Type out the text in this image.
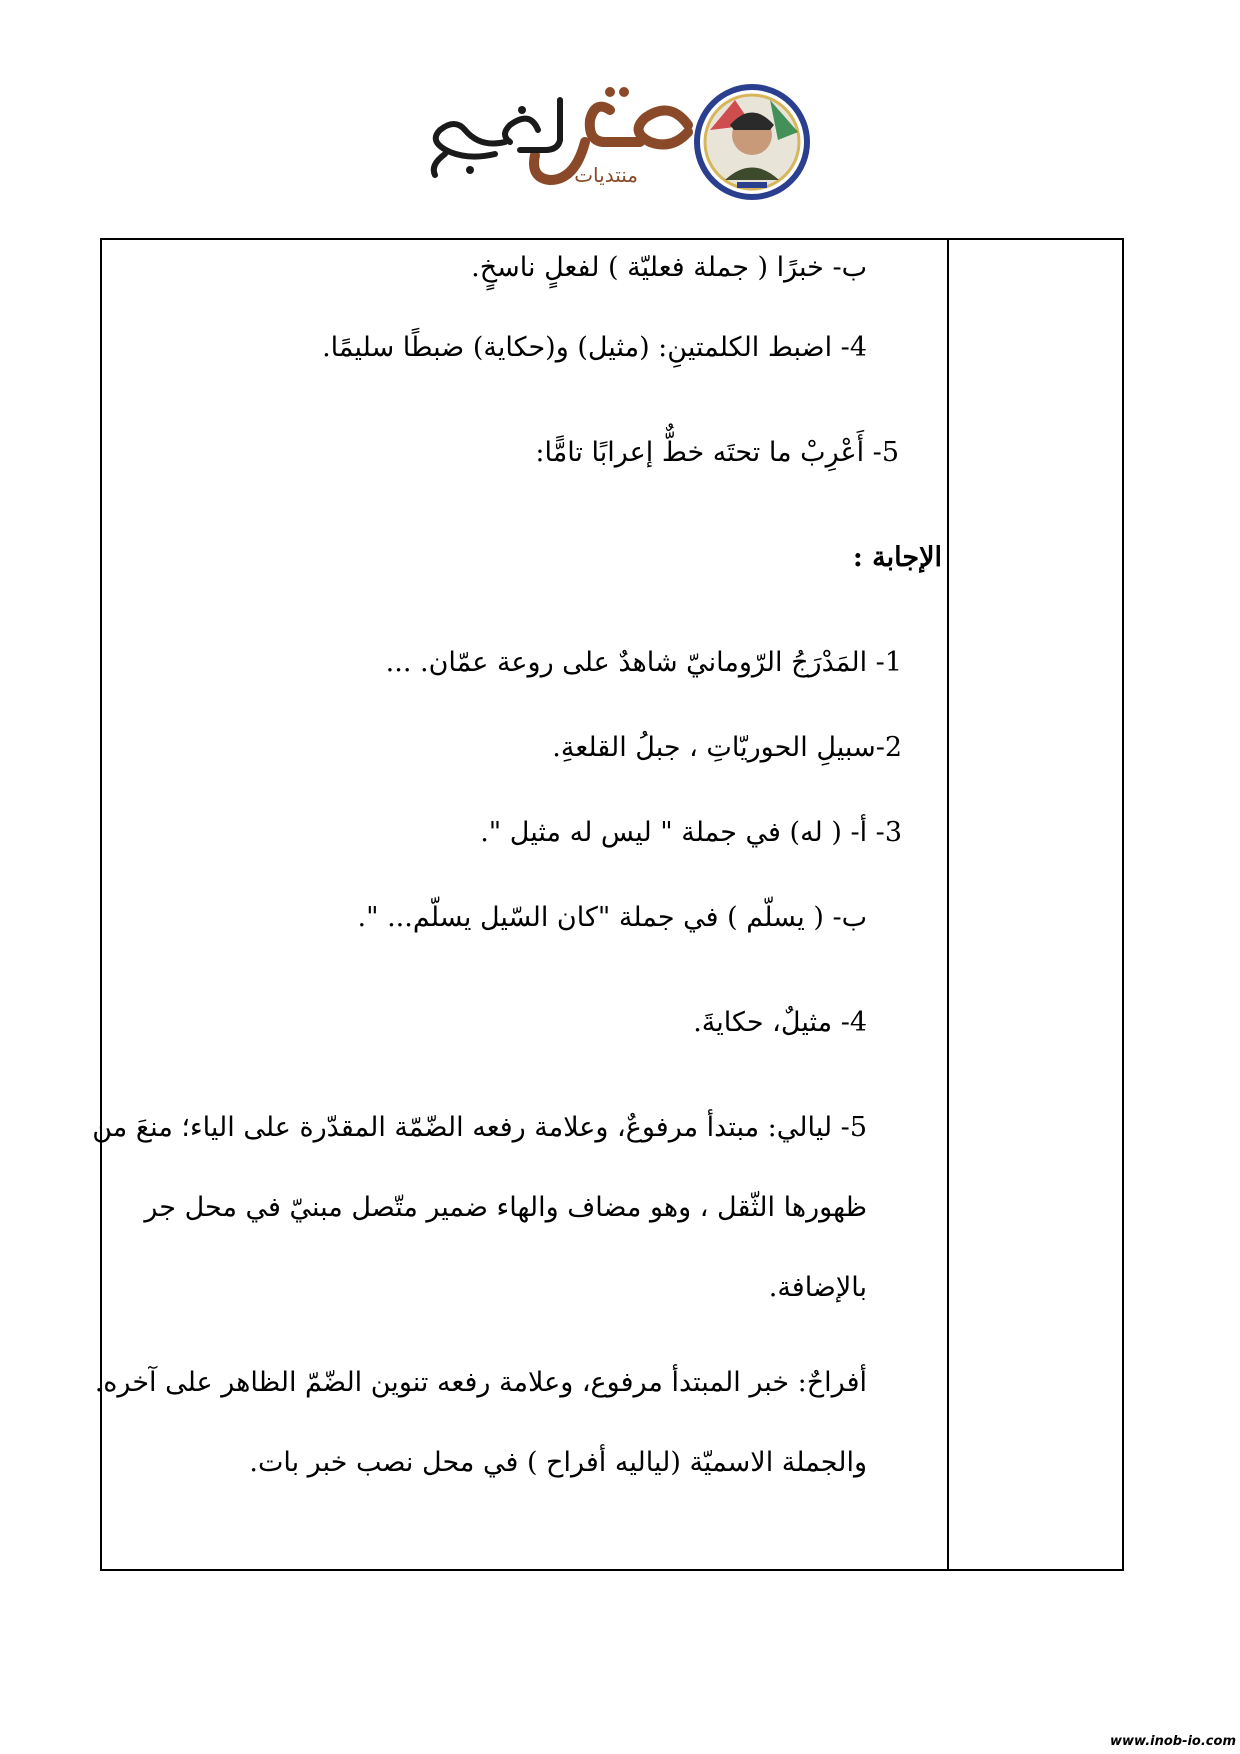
منتديات

ب- خبرًا ( جملة فعليّة ) لفعلٍ ناسخٍ.

4- اضبط الكلمتينِ: (مثيل) و(حكاية) ضبطًا سليمًا.

5- أَعْرِبْ ما تحتَه خطٌّ إعرابًا تامًّا:

الإجابة :

1- المَدْرَجُ الرّومانيّ شاهدٌ على روعة عمّان. ...

2-سبيلِ الحوريّاتِ ، جبلُ القلعةِ.

3- أ- ( له) في جملة " ليس له مثيل ".

ب- ( يسلّم ) في جملة "كان السّيل يسلّم... ".

4- مثيلٌ، حكايةَ.

5- ليالي: مبتدأ مرفوعٌ، وعلامة رفعه الضّمّة المقدّرة على الياء؛ منعَ من

ظهورها الثّقل ، وهو مضاف والهاء ضمير متّصل مبنيّ في محل جر

بالإضافة.

أفراحٌ: خبر المبتدأ مرفوع، وعلامة رفعه تنوين الضّمّ الظاهر على آخره.

والجملة الاسميّة (لياليه أفراح ) في محل نصب خبر بات.

www.inob-io.com
